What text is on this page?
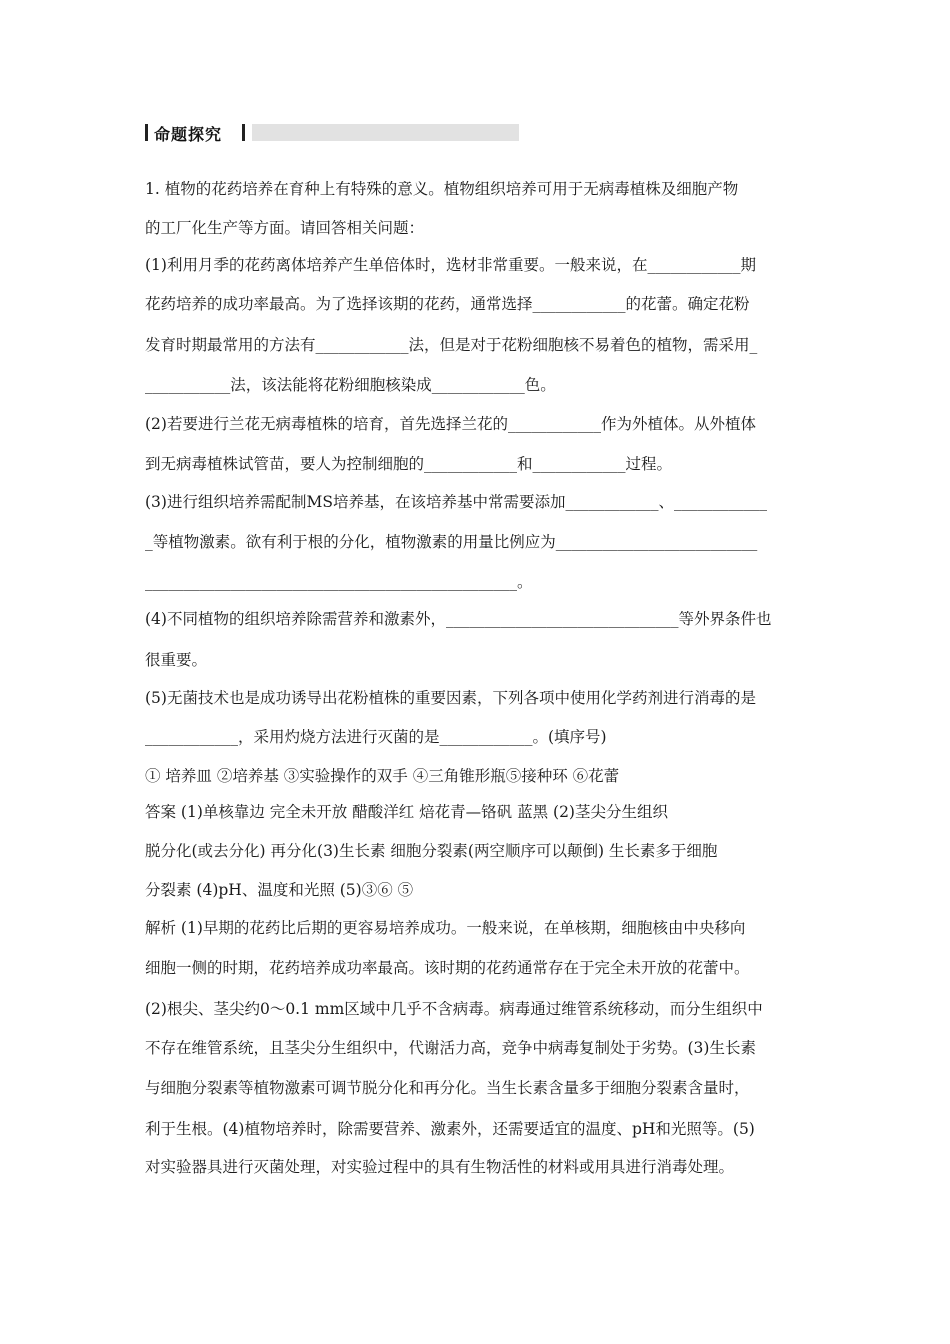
命题探究
1. 植物的花药培养在育种上有特殊的意义。植物组织培养可用于无病毒植株及细胞产物
的工厂化生产等方面。请回答相关问题：
(1)利用月季的花药离体培养产生单倍体时，选材非常重要。一般来说，在____________期
花药培养的成功率最高。为了选择该期的花药，通常选择____________的花蕾。确定花粉
发育时期最常用的方法有____________法，但是对于花粉细胞核不易着色的植物，需采用_
___________法，该法能将花粉细胞核染成____________色。
(2)若要进行兰花无病毒植株的培育，首先选择兰花的____________作为外植体。从外植体
到无病毒植株试管苗，要人为控制细胞的____________和____________过程。
(3)进行组织培养需配制MS培养基，在该培养基中常需要添加____________、____________
_等植物激素。欲有利于根的分化，植物激素的用量比例应为__________________________
________________________________________________。
(4)不同植物的组织培养除需营养和激素外，______________________________等外界条件也
很重要。
(5)无菌技术也是成功诱导出花粉植株的重要因素，下列各项中使用化学药剂进行消毒的是
____________，采用灼烧方法进行灭菌的是____________。(填序号)
① 培养皿 ②培养基 ③实验操作的双手 ④三角锥形瓶⑤接种环 ⑥花蕾
答案 (1)单核靠边 完全未开放 醋酸洋红 焙花青—铬矾 蓝黑 (2)茎尖分生组织
脱分化(或去分化) 再分化(3)生长素 细胞分裂素(两空顺序可以颠倒) 生长素多于细胞
分裂素 (4)pH、温度和光照 (5)③⑥ ⑤
解析 (1)早期的花药比后期的更容易培养成功。一般来说，在单核期，细胞核由中央移向
细胞一侧的时期，花药培养成功率最高。该时期的花药通常存在于完全未开放的花蕾中。
(2)根尖、茎尖约0～0.1 mm区域中几乎不含病毒。病毒通过维管系统移动，而分生组织中
不存在维管系统，且茎尖分生组织中，代谢活力高，竞争中病毒复制处于劣势。(3)生长素
与细胞分裂素等植物激素可调节脱分化和再分化。当生长素含量多于细胞分裂素含量时，
利于生根。(4)植物培养时，除需要营养、激素外，还需要适宜的温度、pH和光照等。(5)
对实验器具进行灭菌处理，对实验过程中的具有生物活性的材料或用具进行消毒处理。
